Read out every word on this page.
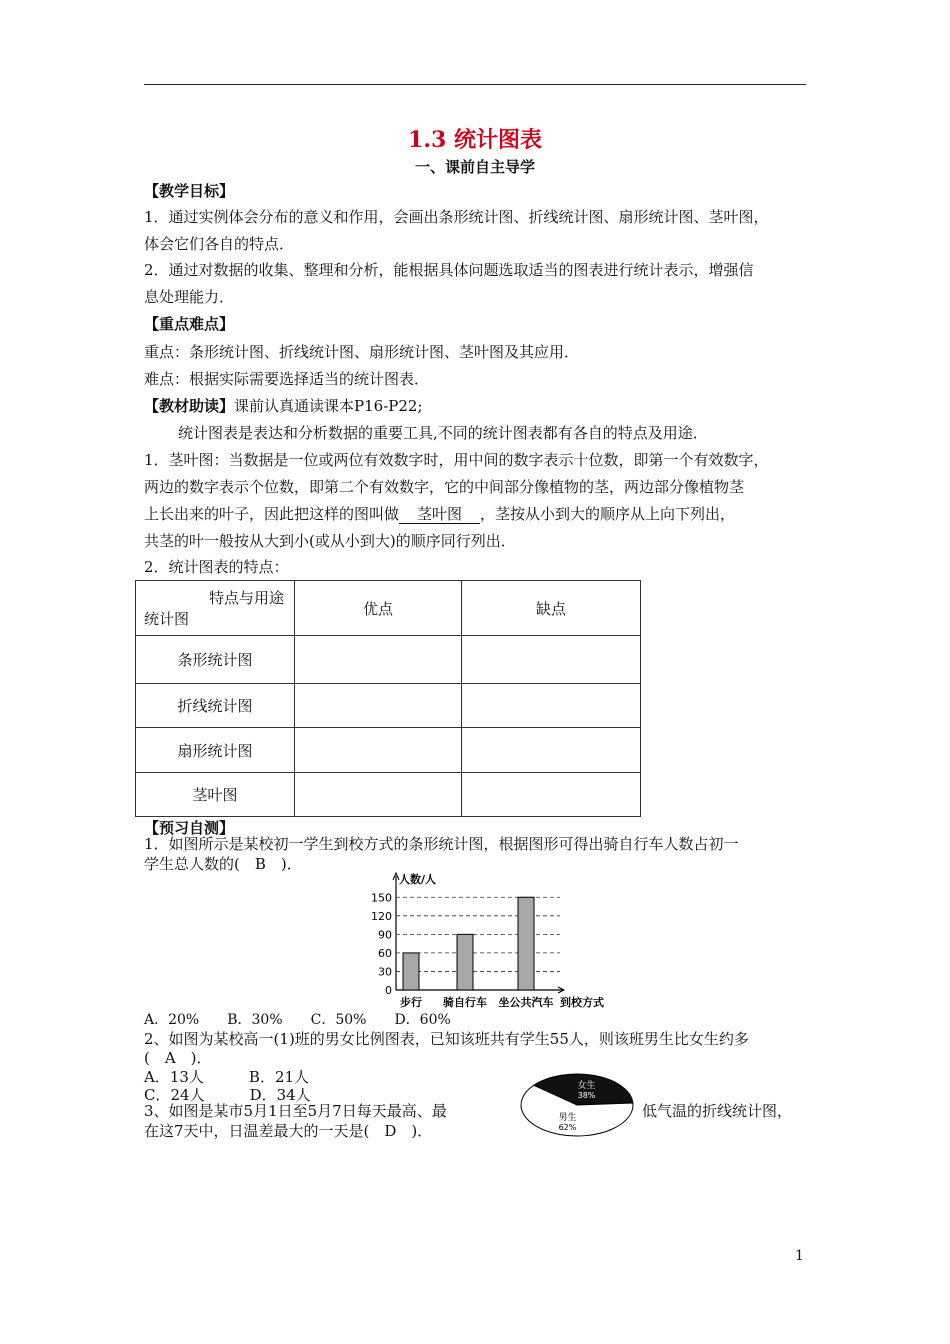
1.3 统计图表
一、课前自主导学
【教学目标】
1．通过实例体会分布的意义和作用，会画出条形统计图、折线统计图、扇形统计图、茎叶图，
体会它们各自的特点．
2．通过对数据的收集、整理和分析，能根据具体问题选取适当的图表进行统计表示，增强信
息处理能力．
【重点难点】
重点：条形统计图、折线统计图、扇形统计图、茎叶图及其应用．
难点：根据实际需要选择适当的统计图表．
【教材助读】课前认真通读课本P16-P22;
统计图表是表达和分析数据的重要工具,不同的统计图表都有各自的特点及用途．
1．茎叶图：当数据是一位或两位有效数字时，用中间的数字表示十位数，即第一个有效数字，
两边的数字表示个位数，即第二个有效数字，它的中间部分像植物的茎，两边部分像植物茎
上长出来的叶子，因此把这样的图叫做 茎叶图 ，茎按从小到大的顺序从上向下列出，
共茎的叶一般按从大到小(或从小到大)的顺序同行列出．
2．统计图表的特点：
特点与用途
统计图	优点	缺点
条形统计图		
折线统计图		
扇形统计图		
茎叶图		
【预习自测】
1．如图所示是某校初一学生到校方式的条形统计图，根据图形可得出骑自行车人数占初一
学生总人数的(　B　)．
人数/人
到校方式
0
30
60
90
120
150
步行 骑自行车 坐公共汽车
A．20%　　B．30%　　C．50%　　D．60%
2、如图为某校高一(1)班的男女比例图表，已知该班共有学生55人，则该班男生比女生约多
(　A　)．
A．13人　　　B．21人
C．24人　　　D．34人
女生
38%
男生
62%
3、如图是某市5月1日至5月7日每天最高、最	低气温的折线统计图，
在这7天中，日温差最大的一天是(　D　)．
1
